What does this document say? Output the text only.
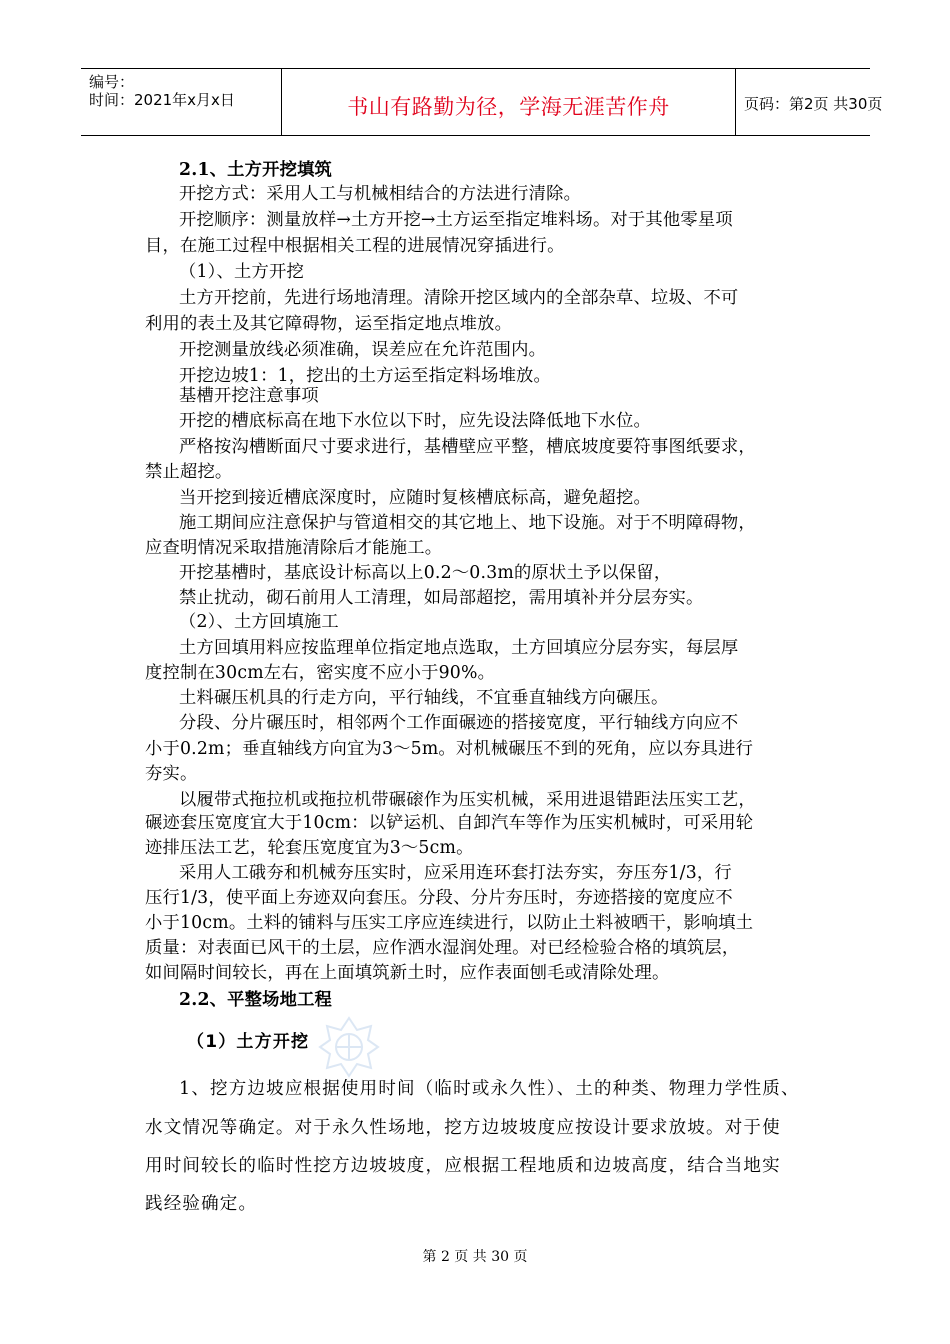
编号：
时间：2021年x月x日	书山有路勤为径，学海无涯苦作舟	页码：第2页 共30页
2.1、土方开挖填筑
开挖方式：采用人工与机械相结合的方法进行清除。
开挖顺序：测量放样→土方开挖→土方运至指定堆料场。对于其他零星项
目，在施工过程中根据相关工程的进展情况穿插进行。
（1）、土方开挖
土方开挖前，先进行场地清理。清除开挖区域内的全部杂草、垃圾、不可
利用的表土及其它障碍物，运至指定地点堆放。
开挖测量放线必须准确，误差应在允许范围内。
开挖边坡1：1，挖出的土方运至指定料场堆放。
基槽开挖注意事项
开挖的槽底标高在地下水位以下时，应先设法降低地下水位。
严格按沟槽断面尺寸要求进行，基槽壁应平整，槽底坡度要符事图纸要求，
禁止超挖。
当开挖到接近槽底深度时，应随时复核槽底标高，避免超挖。
施工期间应注意保护与管道相交的其它地上、地下设施。对于不明障碍物，
应查明情况采取措施清除后才能施工。
开挖基槽时，基底设计标高以上0.2～0.3m的原状土予以保留，
禁止扰动，砌石前用人工清理，如局部超挖，需用填补并分层夯实。
（2）、土方回填施工
土方回填用料应按监理单位指定地点选取，土方回填应分层夯实，每层厚
度控制在30cm左右，密实度不应小于90%。
土料碾压机具的行走方向，平行轴线，不宜垂直轴线方向碾压。
分段、分片碾压时，相邻两个工作面碾迹的搭接宽度，平行轴线方向应不
小于0.2m；垂直轴线方向宜为3～5m。对机械碾压不到的死角，应以夯具进行
夯实。
以履带式拖拉机或拖拉机带碾磙作为压实机械，采用进退错距法压实工艺，
碾迹套压宽度宜大于10cm：以铲运机、自卸汽车等作为压实机械时，可采用轮
迹排压法工艺，轮套压宽度宜为3～5cm。
采用人工硪夯和机械夯压实时，应采用连环套打法夯实，夯压夯1/3，行
压行1/3，使平面上夯迹双向套压。分段、分片夯压时，夯迹搭接的宽度应不
小于10cm。土料的铺料与压实工序应连续进行，以防止土料被晒干，影响填土
质量：对表面已风干的土层，应作洒水湿润处理。对已经检验合格的填筑层，
如间隔时间较长，再在上面填筑新土时，应作表面刨毛或清除处理。
2.2、平整场地工程
（1）土方开挖
1、挖方边坡应根据使用时间（临时或永久性）、土的种类、物理力学性质、
水文情况等确定。对于永久性场地，挖方边坡坡度应按设计要求放坡。对于使
用时间较长的临时性挖方边坡坡度，应根据工程地质和边坡高度，结合当地实
践经验确定。
第 2 页 共 30 页
